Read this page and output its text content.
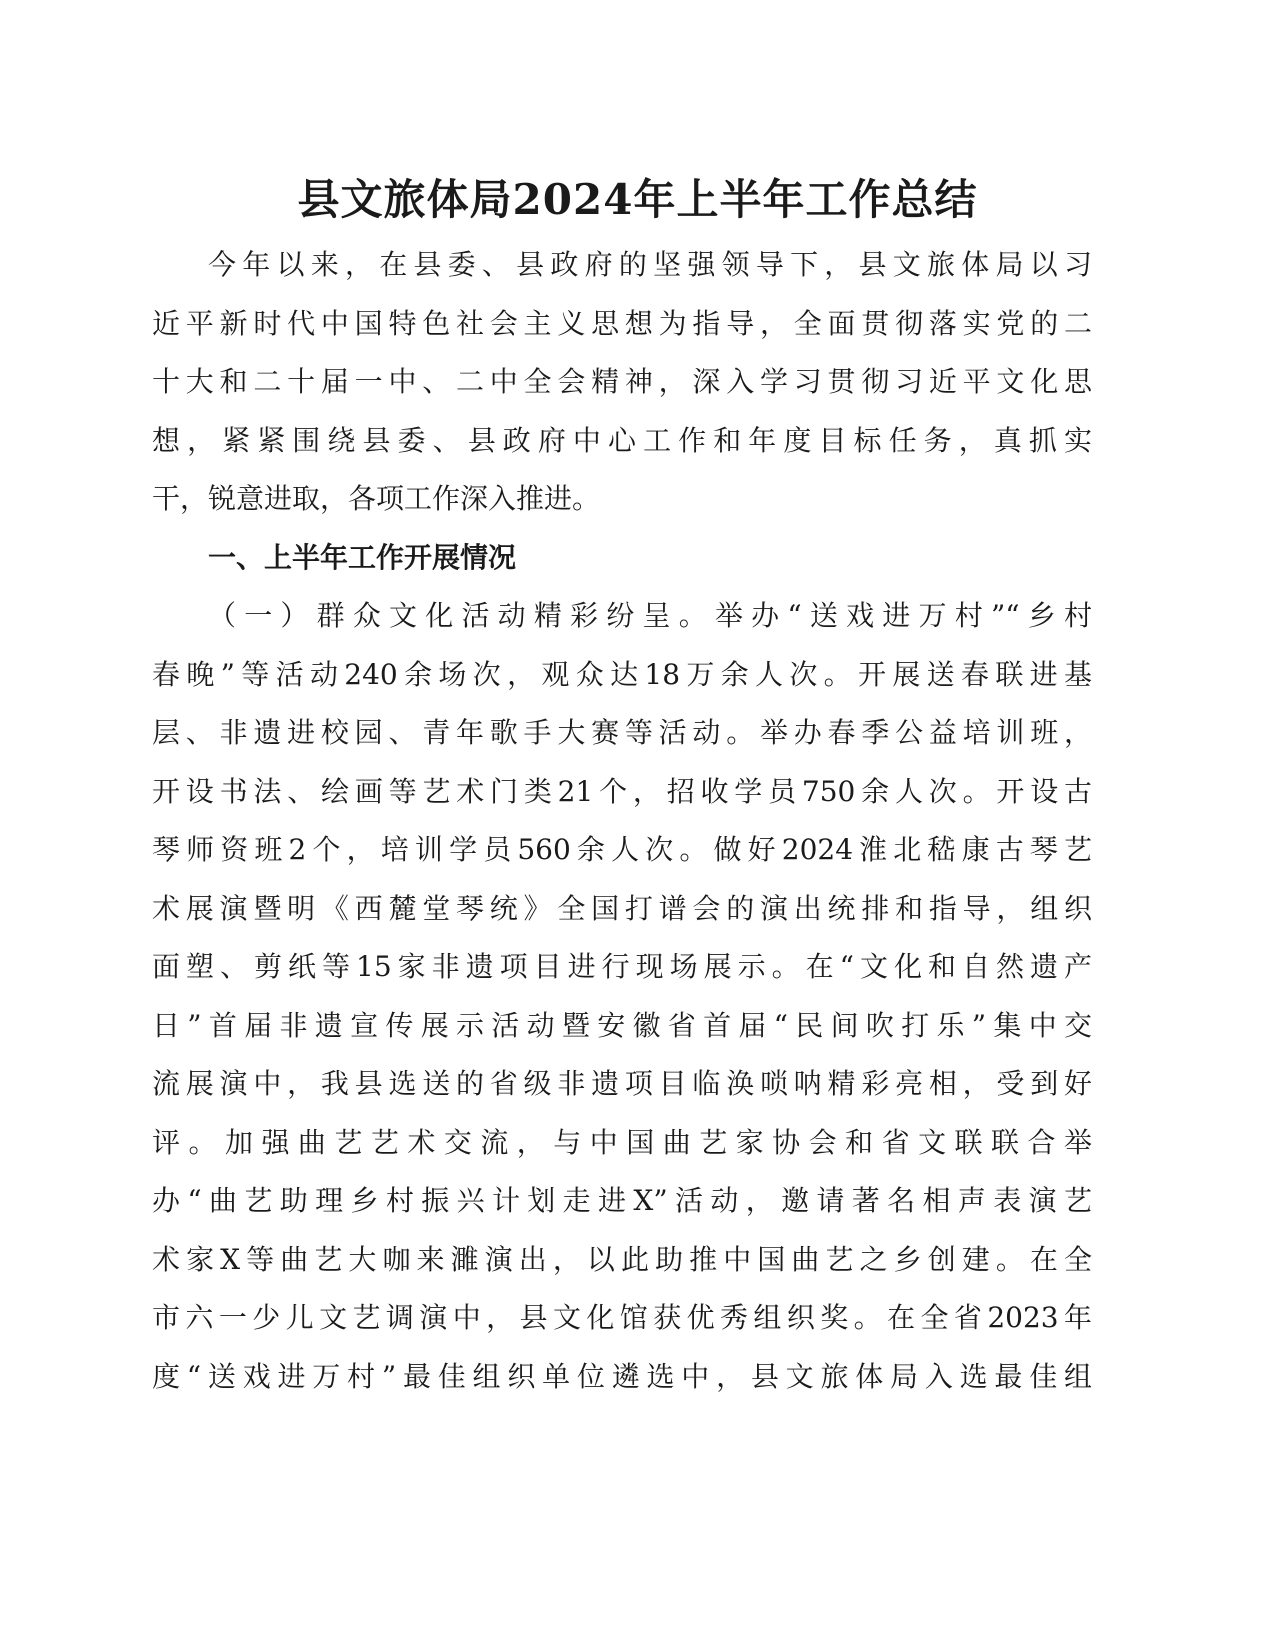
县文旅体局2024年上半年工作总结
今年以来，在县委、县政府的坚强领导下，县文旅体局以习
近平新时代中国特色社会主义思想为指导，全面贯彻落实党的二
十大和二十届一中、二中全会精神，深入学习贯彻习近平文化思
想，紧紧围绕县委、县政府中心工作和年度目标任务，真抓实
干，锐意进取，各项工作深入推进。
一、上半年工作开展情况
（一）群众文化活动精彩纷呈。举办“送戏进万村”“乡村
春晚”等活动240余场次，观众达18万余人次。开展送春联进基
层、非遗进校园、青年歌手大赛等活动。举办春季公益培训班，
开设书法、绘画等艺术门类21个，招收学员750余人次。开设古
琴师资班2个，培训学员560余人次。做好2024淮北嵇康古琴艺
术展演暨明《西麓堂琴统》全国打谱会的演出统排和指导，组织
面塑、剪纸等15家非遗项目进行现场展示。在“文化和自然遗产
日”首届非遗宣传展示活动暨安徽省首届“民间吹打乐”集中交
流展演中，我县选送的省级非遗项目临涣唢呐精彩亮相，受到好
评。加强曲艺艺术交流，与中国曲艺家协会和省文联联合举
办“曲艺助理乡村振兴计划走进X”活动，邀请著名相声表演艺
术家X等曲艺大咖来濉演出，以此助推中国曲艺之乡创建。在全
市六一少儿文艺调演中，县文化馆获优秀组织奖。在全省2023年
度“送戏进万村”最佳组织单位遴选中，县文旅体局入选最佳组
